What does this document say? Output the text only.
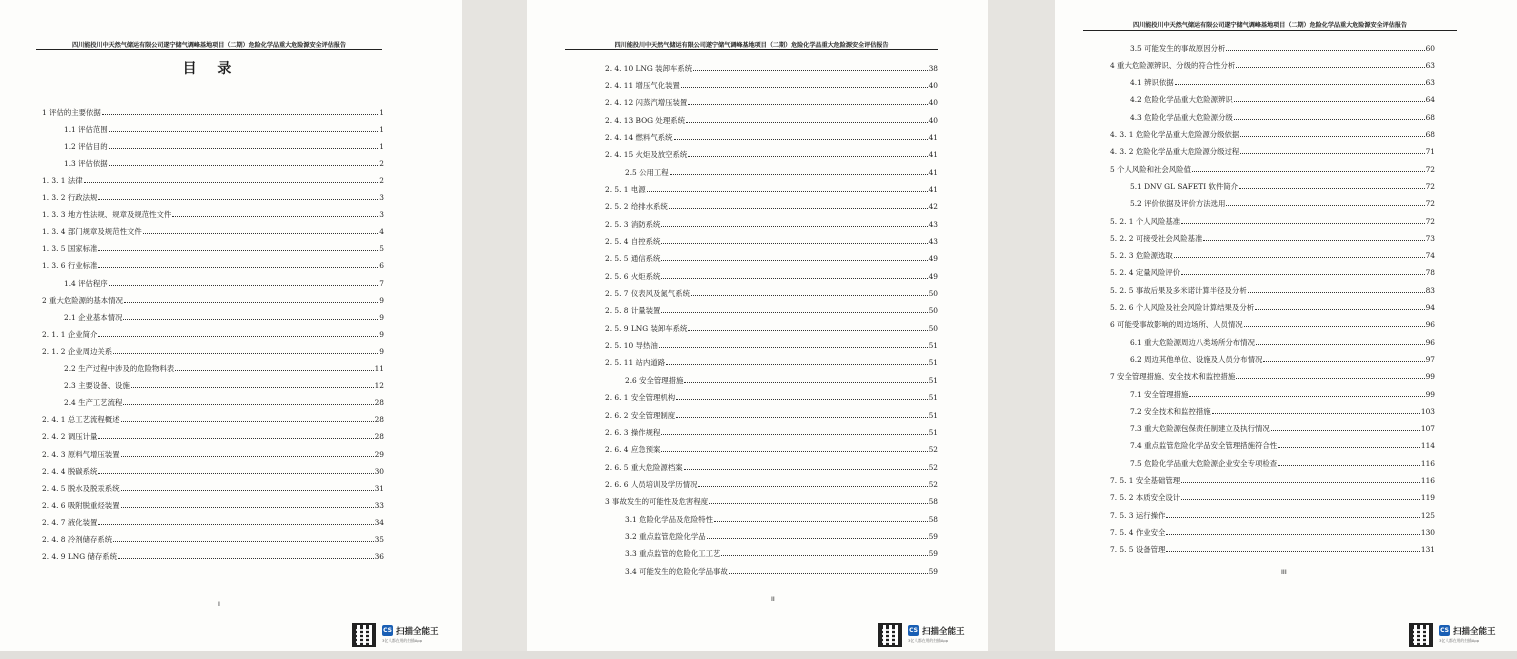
四川能投川中天然气储运有限公司遂宁储气调峰基地项目（二期）危险化学品重大危险源安全评估报告
目 录
1 评估的主要依据	1
1.1 评估范围	1
1.2 评估目的	1
1.3 评估依据	2
1. 3. 1 法律	2
1. 3. 2 行政法规	3
1. 3. 3 地方性法规、规章及规范性文件	3
1. 3. 4 部门规章及规范性文件	4
1. 3. 5 国家标准	5
1. 3. 6 行业标准	6
1.4 评估程序	7
2 重大危险源的基本情况	9
2.1 企业基本情况	9
2. 1. 1 企业简介	9
2. 1. 2 企业周边关系	9
2.2 生产过程中涉及的危险物料表	11
2.3 主要设备、设施	12
2.4 生产工艺流程	28
2. 4. 1 总工艺流程概述	28
2. 4. 2 调压计量	28
2. 4. 3 原料气增压装置	29
2. 4. 4 脱碳系统	30
2. 4. 5 脱水及脱汞系统	31
2. 4. 6 吸附脱重烃装置	33
2. 4. 7 液化装置	34
2. 4. 8 冷剂储存系统	35
2. 4. 9 LNG 储存系统	36
I
CS 扫描全能王
3亿人都在用的扫描App
四川能投川中天然气储运有限公司遂宁储气调峰基地项目（二期）危险化学品重大危险源安全评估报告
2. 4. 10 LNG 装卸车系统	38
2. 4. 11 增压气化装置	40
2. 4. 12 闪蒸汽增压装置	40
2. 4. 13 BOG 处理系统	40
2. 4. 14 燃料气系统	41
2. 4. 15 火炬及放空系统	41
2.5 公用工程	41
2. 5. 1 电源	41
2. 5. 2 给排水系统	42
2. 5. 3 消防系统	43
2. 5. 4 自控系统	43
2. 5. 5 通信系统	49
2. 5. 6 火炬系统	49
2. 5. 7 仪表风及氮气系统	50
2. 5. 8 计量装置	50
2. 5. 9 LNG 装卸车系统	50
2. 5. 10 导热油	51
2. 5. 11 站内道路	51
2.6 安全管理措施	51
2. 6. 1 安全管理机构	51
2. 6. 2 安全管理制度	51
2. 6. 3 操作规程	51
2. 6. 4 应急预案	52
2. 6. 5 重大危险源档案	52
2. 6. 6 人员培训及学历情况	52
3 事故发生的可能性及危害程度	58
3.1 危险化学品及危险特性	58
3.2 重点监管危险化学品	59
3.3 重点监管的危险化工工艺	59
3.4 可能发生的危险化学品事故	59
II
CS 扫描全能王
3亿人都在用的扫描App
四川能投川中天然气储运有限公司遂宁储气调峰基地项目（二期）危险化学品重大危险源安全评估报告
3.5 可能发生的事故原因分析	60
4 重大危险源辨识、分级的符合性分析	63
4.1 辨识依据	63
4.2 危险化学品重大危险源辨识	64
4.3 危险化学品重大危险源分级	68
4. 3. 1 危险化学品重大危险源分级依据	68
4. 3. 2 危险化学品重大危险源分级过程	71
5 个人风险和社会风险值	72
5.1 DNV GL SAFETI 软件简介	72
5.2 评价依据及评价方法选用	72
5. 2. 1 个人风险基准	72
5. 2. 2 可接受社会风险基准	73
5. 2. 3 危险源选取	74
5. 2. 4 定量风险评价	78
5. 2. 5 事故后果及多米诺计算半径及分析	83
5. 2. 6 个人风险及社会风险计算结果及分析	94
6 可能受事故影响的周边场所、人员情况	96
6.1 重大危险源周边八类场所分布情况	96
6.2 周边其他单位、设施及人员分布情况	97
7 安全管理措施、安全技术和监控措施	99
7.1 安全管理措施	99
7.2 安全技术和监控措施	103
7.3 重大危险源包保责任制建立及执行情况	107
7.4 重点监管危险化学品安全管理措施符合性	114
7.5 危险化学品重大危险源企业安全专项检查	116
7. 5. 1 安全基础管理	116
7. 5. 2 本质安全设计	119
7. 5. 3 运行操作	125
7. 5. 4 作业安全	130
7. 5. 5 设备管理	131
III
CS 扫描全能王
3亿人都在用的扫描App
